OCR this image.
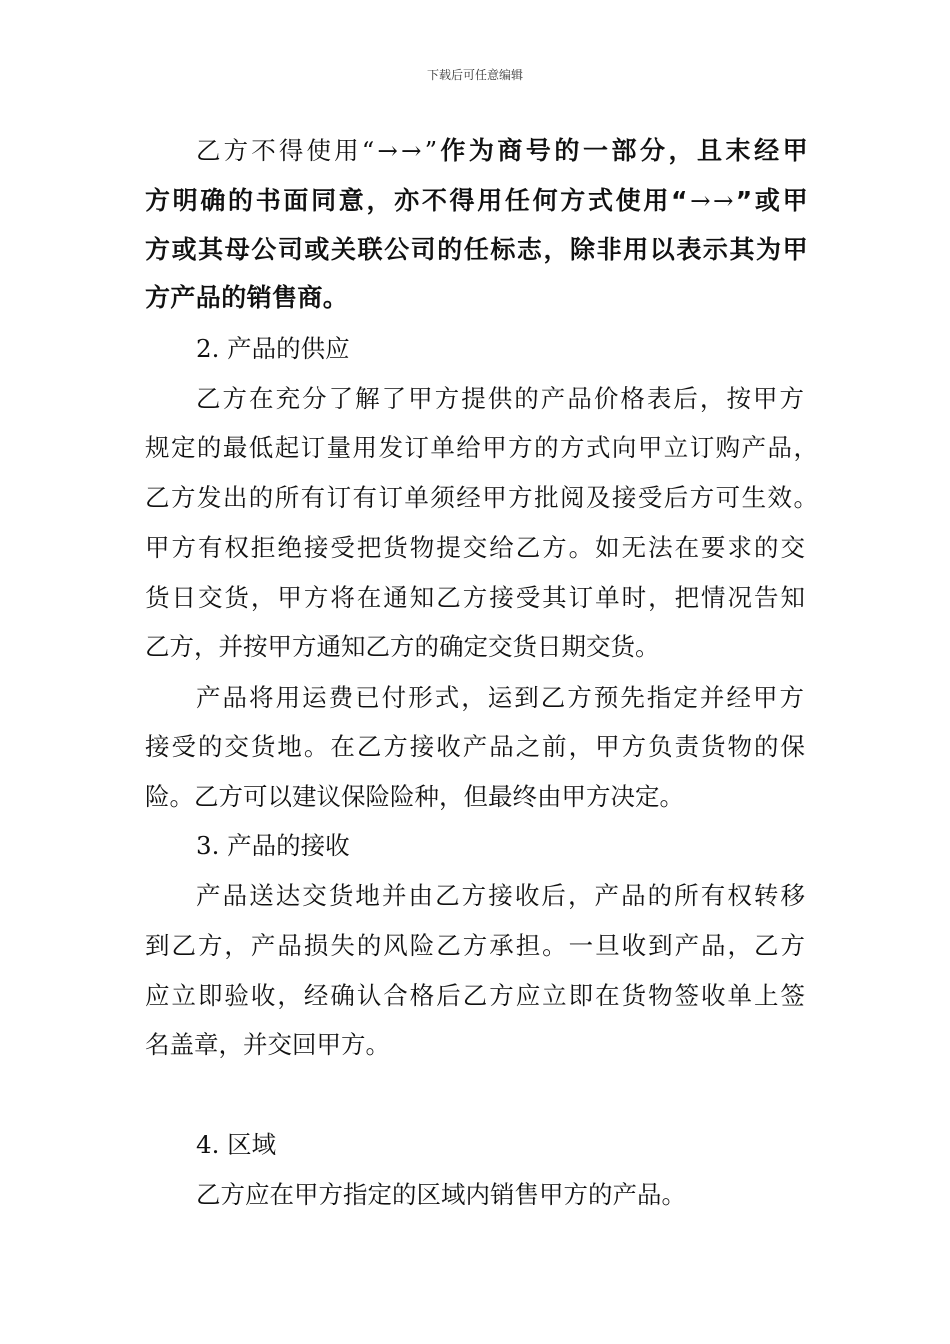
下载后可任意编辑

乙方不得使用“→→”作为商号的一部分，且末经甲

方明确的书面同意，亦不得用任何方式使用“→→”或甲

方或其母公司或关联公司的任标志，除非用以表示其为甲

方产品的销售商。

2. 产品的供应

乙方在充分了解了甲方提供的产品价格表后，按甲方

规定的最低起订量用发订单给甲方的方式向甲立订购产品，

乙方发出的所有订有订单须经甲方批阅及接受后方可生效。

甲方有权拒绝接受把货物提交给乙方。如无法在要求的交

货日交货，甲方将在通知乙方接受其订单时，把情况告知

乙方，并按甲方通知乙方的确定交货日期交货。

产品将用运费已付形式，运到乙方预先指定并经甲方

接受的交货地。在乙方接收产品之前，甲方负责货物的保

险。乙方可以建议保险险种，但最终由甲方决定。

3. 产品的接收

产品送达交货地并由乙方接收后，产品的所有权转移

到乙方，产品损失的风险乙方承担。一旦收到产品，乙方

应立即验收，经确认合格后乙方应立即在货物签收单上签

名盖章，并交回甲方。

4. 区域

乙方应在甲方指定的区域内销售甲方的产品。
